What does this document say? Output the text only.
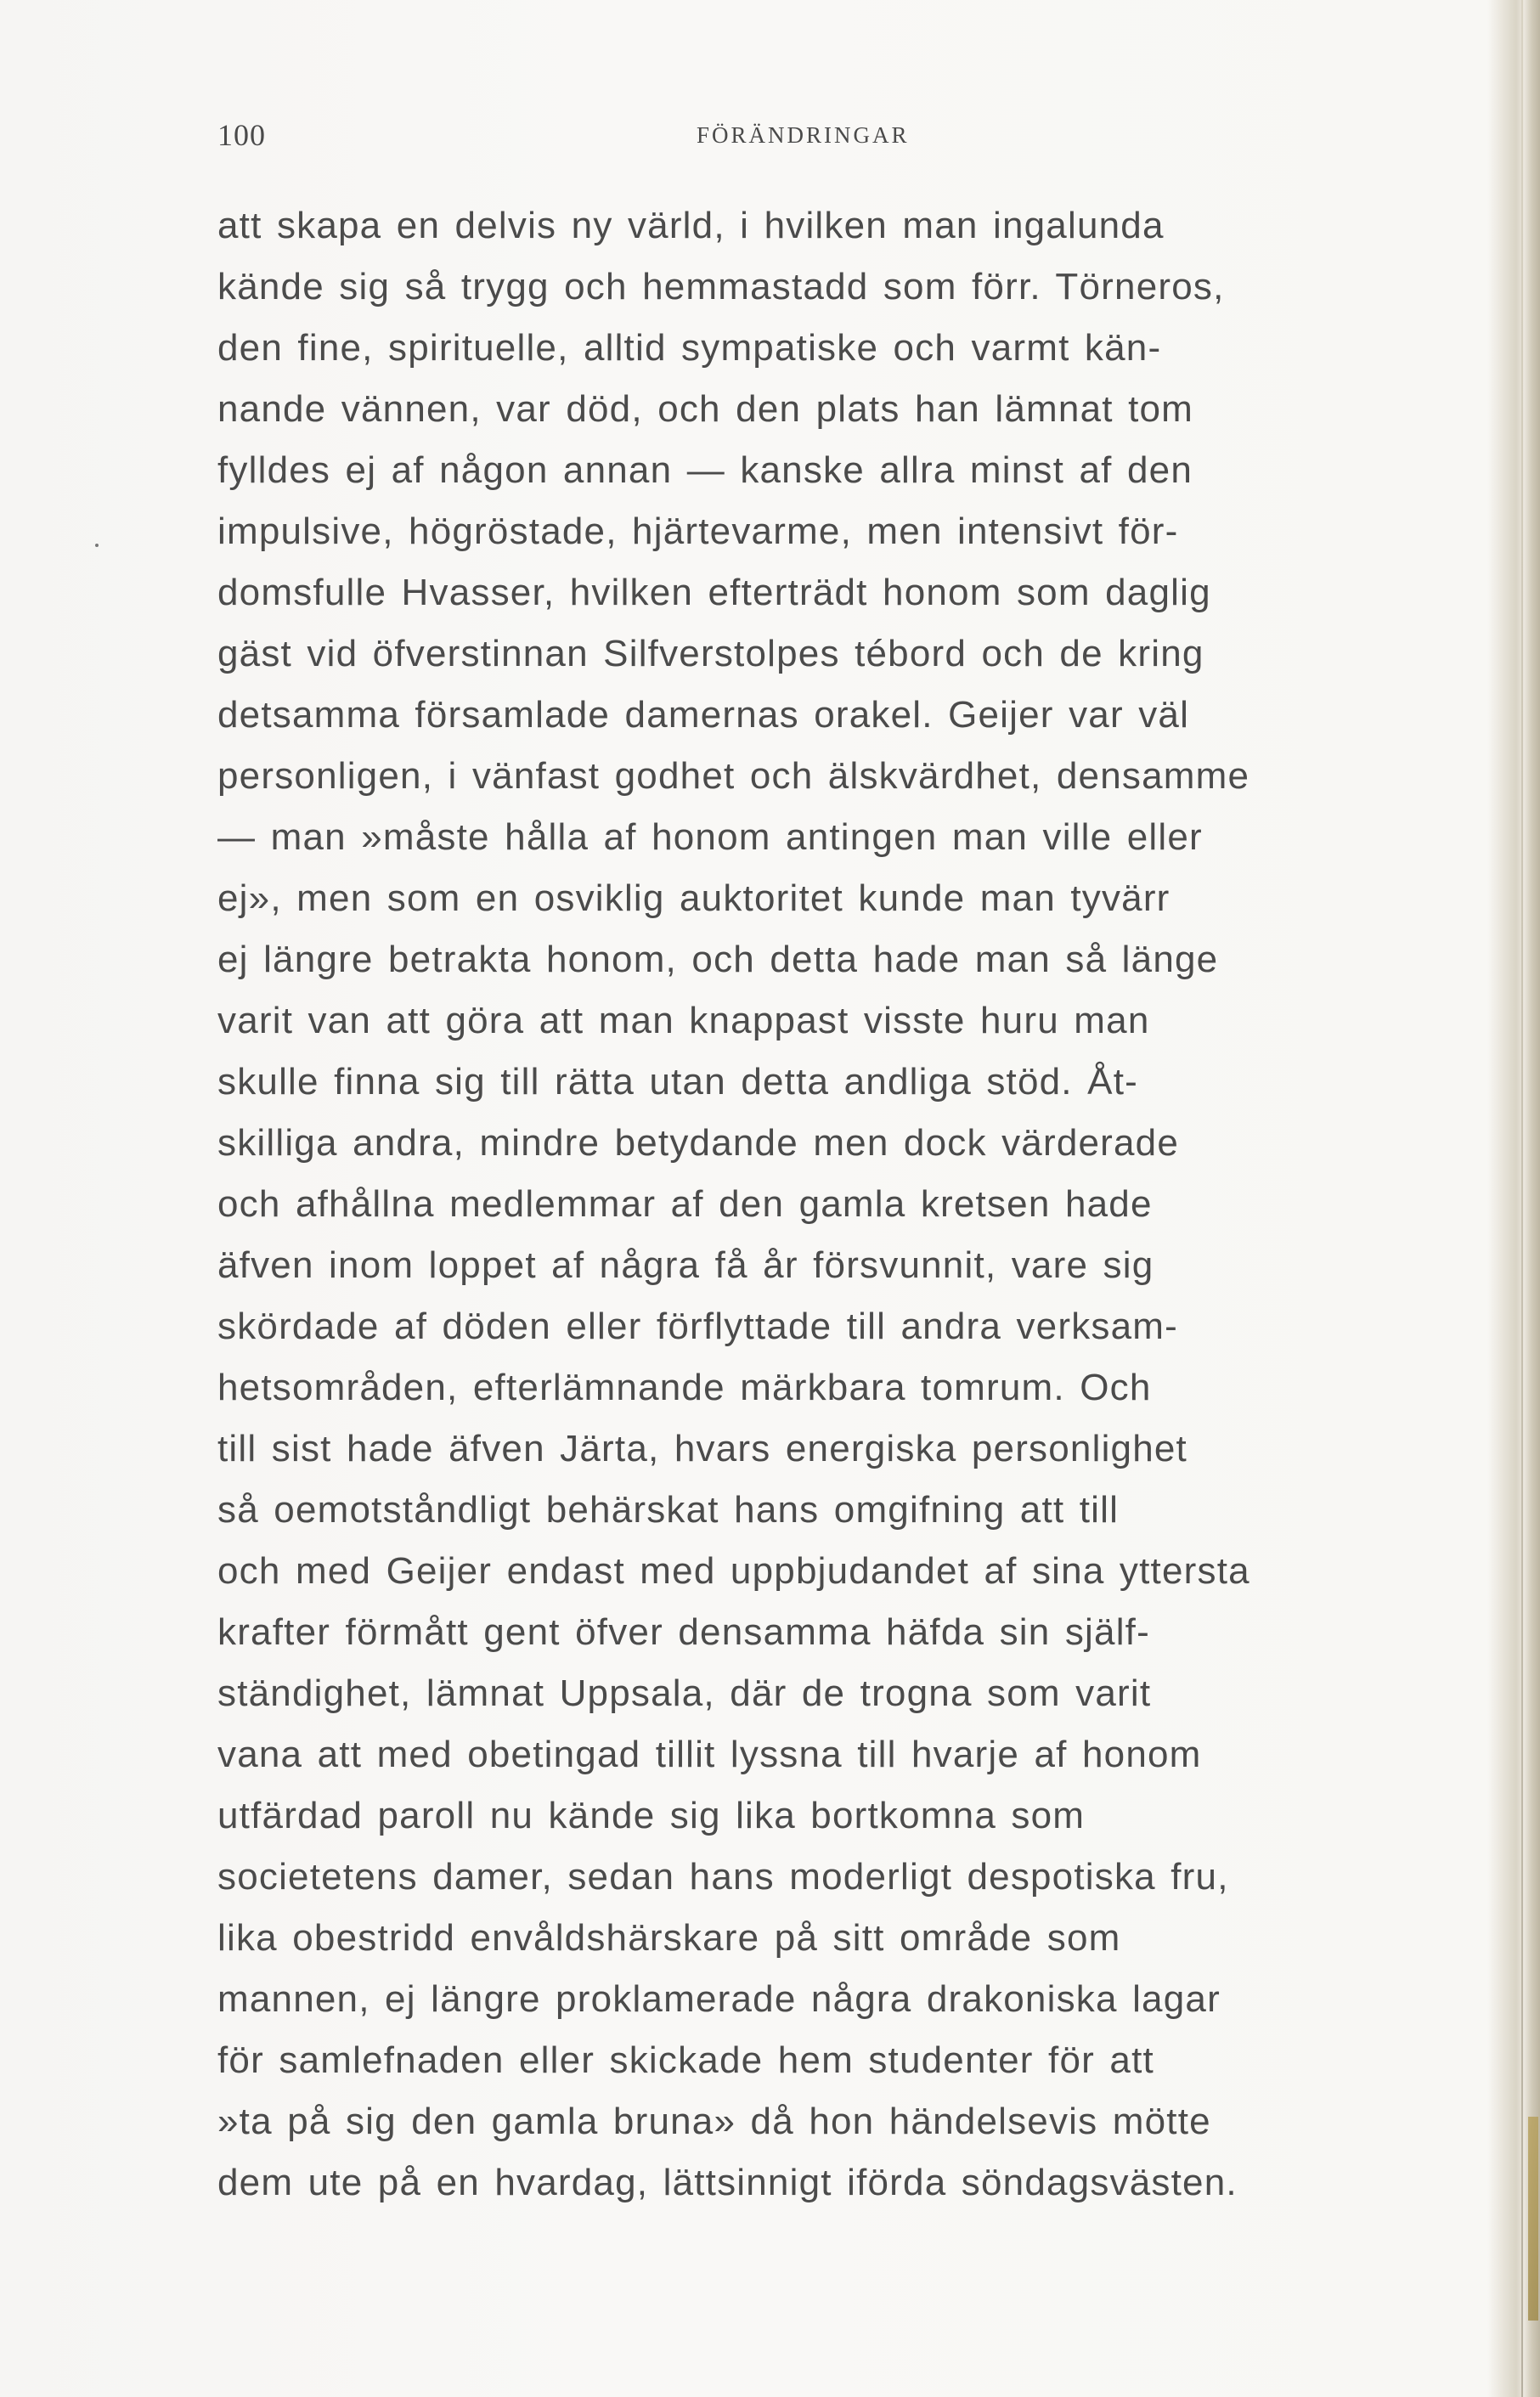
100	FÖRÄNDRINGAR
att skapa en delvis ny värld, i hvilken man ingalunda
kände sig så trygg och hemmastadd som förr. Törneros,
den fine, spirituelle, alltid sympatiske och varmt kän-
nande vännen, var död, och den plats han lämnat tom
fylldes ej af någon annan — kanske allra minst af den
impulsive, högröstade, hjärtevarme, men intensivt för-
domsfulle Hvasser, hvilken efterträdt honom som daglig
gäst vid öfverstinnan Silfverstolpes tébord och de kring
detsamma församlade damernas orakel. Geijer var väl
personligen, i vänfast godhet och älskvärdhet, densamme
— man »måste hålla af honom antingen man ville eller
ej», men som en osviklig auktoritet kunde man tyvärr
ej längre betrakta honom, och detta hade man så länge
varit van att göra att man knappast visste huru man
skulle finna sig till rätta utan detta andliga stöd. Åt-
skilliga andra, mindre betydande men dock värderade
och afhållna medlemmar af den gamla kretsen hade
äfven inom loppet af några få år försvunnit, vare sig
skördade af döden eller förflyttade till andra verksam-
hetsområden, efterlämnande märkbara tomrum. Och
till sist hade äfven Järta, hvars energiska personlighet
så oemotståndligt behärskat hans omgifning att till
och med Geijer endast med uppbjudandet af sina yttersta
krafter förmått gent öfver densamma häfda sin själf-
ständighet, lämnat Uppsala, där de trogna som varit
vana att med obetingad tillit lyssna till hvarje af honom
utfärdad paroll nu kände sig lika bortkomna som
societetens damer, sedan hans moderligt despotiska fru,
lika obestridd envåldshärskare på sitt område som
mannen, ej längre proklamerade några drakoniska lagar
för samlefnaden eller skickade hem studenter för att
»ta på sig den gamla bruna» då hon händelsevis mötte
dem ute på en hvardag, lättsinnigt iförda söndagsvästen.
